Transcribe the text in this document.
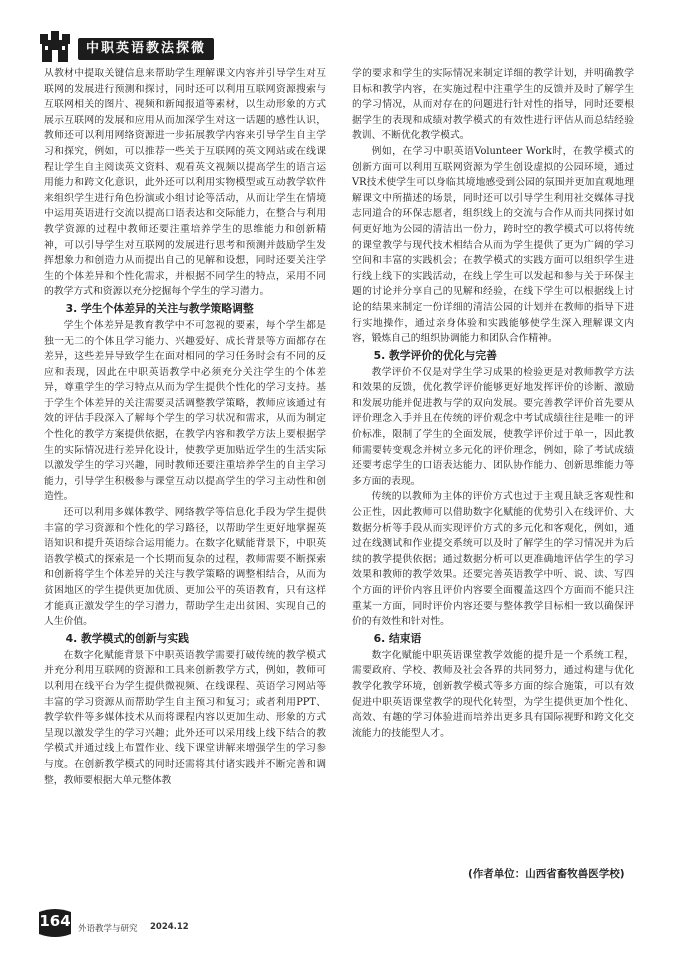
中职英语教法探微

从教材中提取关键信息来帮助学生理解课文内容并引导学生对互联网的发展进行预测和探讨，同时还可以利用互联网资源搜索与互联网相关的图片、视频和新闻报道等素材，以生动形象的方式展示互联网的发展和应用从而加深学生对这一话题的感性认识，教师还可以利用网络资源进一步拓展教学内容来引导学生自主学习和探究，例如，可以推荐一些关于互联网的英文网站或在线课程让学生自主阅读英文资料、观看英文视频以提高学生的语言运用能力和跨文化意识，此外还可以利用实物模型或互动教学软件来组织学生进行角色扮演或小组讨论等活动，从而让学生在情境中运用英语进行交流以提高口语表达和交际能力，在整合与利用教学资源的过程中教师还要注重培养学生的思维能力和创新精神，可以引导学生对互联网的发展进行思考和预测并鼓励学生发挥想象力和创造力从而提出自己的见解和设想，同时还要关注学生的个体差异和个性化需求，并根据不同学生的特点，采用不同的教学方式和资源以充分挖掘每个学生的学习潜力。

3. 学生个体差异的关注与教学策略调整

学生个体差异是教育教学中不可忽视的要素，每个学生都是独一无二的个体且学习能力、兴趣爱好、成长背景等方面都存在差异，这些差异导致学生在面对相同的学习任务时会有不同的反应和表现，因此在中职英语教学中必须充分关注学生的个体差异，尊重学生的学习特点从而为学生提供个性化的学习支持。基于学生个体差异的关注需要灵活调整教学策略，教师应该通过有效的评估手段深入了解每个学生的学习状况和需求，从而为制定个性化的教学方案提供依据，在教学内容和教学方法上要根据学生的实际情况进行差异化设计，使教学更加贴近学生的生活实际以激发学生的学习兴趣，同时教师还要注重培养学生的自主学习能力，引导学生积极参与课堂互动以提高学生的学习主动性和创造性。

还可以利用多媒体教学、网络教学等信息化手段为学生提供丰富的学习资源和个性化的学习路径，以帮助学生更好地掌握英语知识和提升英语综合运用能力。在数字化赋能背景下，中职英语教学模式的探索是一个长期而复杂的过程，教师需要不断探索和创新将学生个体差异的关注与教学策略的调整相结合，从而为贫困地区的学生提供更加优质、更加公平的英语教育，只有这样才能真正激发学生的学习潜力，帮助学生走出贫困、实现自己的人生价值。

4. 教学模式的创新与实践

在数字化赋能背景下中职英语教学需要打破传统的教学模式并充分利用互联网的资源和工具来创新教学方式，例如，教师可以利用在线平台为学生提供微视频、在线课程、英语学习网站等丰富的学习资源从而帮助学生自主预习和复习；或者利用PPT、教学软件等多媒体技术从而将课程内容以更加生动、形象的方式呈现以激发学生的学习兴趣；此外还可以采用线上线下结合的教学模式并通过线上布置作业、线下课堂讲解来增强学生的学习参与度。在创新教学模式的同时还需将其付诸实践并不断完善和调整，教师要根据大单元整体教

学的要求和学生的实际情况来制定详细的教学计划，并明确教学目标和教学内容，在实施过程中注重学生的反馈并及时了解学生的学习情况，从而对存在的问题进行针对性的指导，同时还要根据学生的表现和成绩对教学模式的有效性进行评估从而总结经验教训、不断优化教学模式。

例如，在学习中职英语Volunteer Work时，在教学模式的创新方面可以利用互联网资源为学生创设虚拟的公园环境，通过VR技术使学生可以身临其境地感受到公园的氛围并更加直观地理解课文中所描述的场景，同时还可以引导学生利用社交媒体寻找志同道合的环保志愿者，组织线上的交流与合作从而共同探讨如何更好地为公园的清洁出一份力，跨时空的教学模式可以将传统的课堂教学与现代技术相结合从而为学生提供了更为广阔的学习空间和丰富的实践机会；在教学模式的实践方面可以组织学生进行线上线下的实践活动，在线上学生可以发起和参与关于环保主题的讨论并分享自己的见解和经验，在线下学生可以根据线上讨论的结果来制定一份详细的清洁公园的计划并在教师的指导下进行实地操作，通过亲身体验和实践能够使学生深入理解课文内容，锻炼自己的组织协调能力和团队合作精神。

5. 教学评价的优化与完善

教学评价不仅是对学生学习成果的检验更是对教师教学方法和效果的反馈，优化教学评价能够更好地发挥评价的诊断、激励和发展功能并促进教与学的双向发展。要完善教学评价首先要从评价理念入手并且在传统的评价观念中考试成绩往往是唯一的评价标准，限制了学生的全面发展，使教学评价过于单一，因此教师需要转变观念并树立多元化的评价理念，例如，除了考试成绩还要考虑学生的口语表达能力、团队协作能力、创新思维能力等多方面的表现。

传统的以教师为主体的评价方式也过于主观且缺乏客观性和公正性，因此教师可以借助数字化赋能的优势引入在线评价、大数据分析等手段从而实现评价方式的多元化和客观化，例如，通过在线测试和作业提交系统可以及时了解学生的学习情况并为后续的教学提供依据；通过数据分析可以更准确地评估学生的学习效果和教师的教学效果。还要完善英语教学中听、说、读、写四个方面的评价内容且评价内容要全面覆盖这四个方面而不能只注重某一方面，同时评价内容还要与整体教学目标相一致以确保评价的有效性和针对性。

6. 结束语

数字化赋能中职英语课堂教学效能的提升是一个系统工程，需要政府、学校、教师及社会各界的共同努力，通过构建与优化教学化教学环境，创新教学模式等多方面的综合施策，可以有效促进中职英语课堂教学的现代化转型，为学生提供更加个性化、高效、有趣的学习体验进而培养出更多具有国际视野和跨文化交流能力的技能型人才。

(作者单位：山西省畜牧兽医学校)
164 外语教学与研究 2024.12
